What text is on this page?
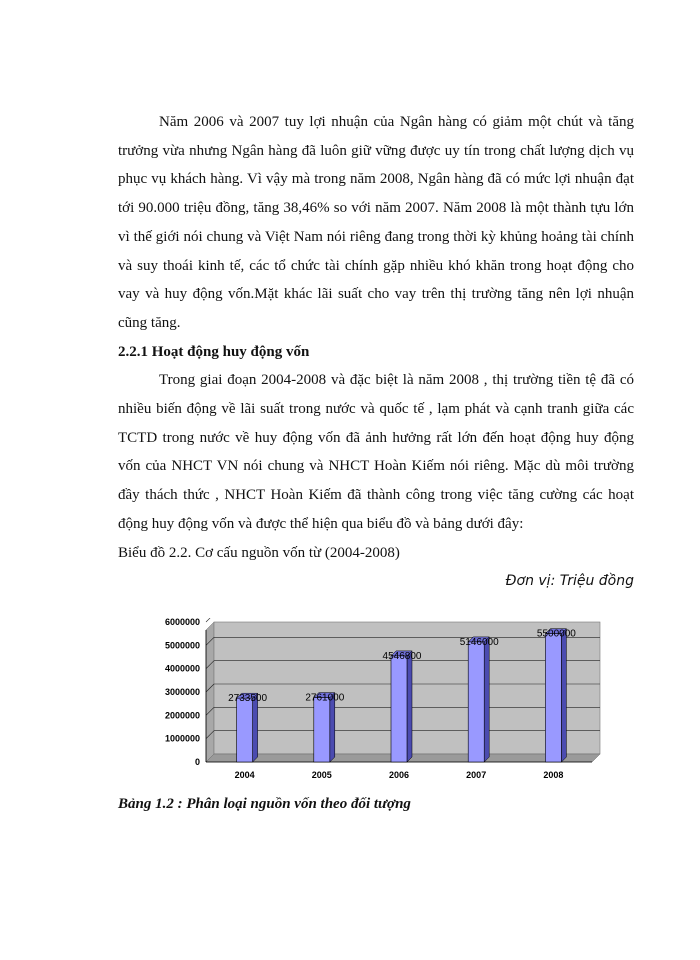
Năm 2006 và 2007 tuy lợi nhuận của Ngân hàng có giảm một chút và tăng trưởng vừa nhưng Ngân hàng đã luôn giữ vững được uy tín trong chất lượng dịch vụ phục vụ khách hàng. Vì vậy mà trong năm 2008, Ngân hàng đã có mức lợi nhuận đạt tới 90.000 triệu đồng, tăng 38,46% so với năm 2007. Năm 2008 là một thành tựu lớn vì thế giới nói chung và Việt Nam nói riêng đang trong thời kỳ khủng hoảng tài chính và suy thoái kinh tế, các tổ chức tài chính gặp nhiều khó khăn trong hoạt động cho vay và huy động vốn.Mặt khác lãi suất cho vay trên thị trường tăng nên lợi nhuận cũng tăng.

2.2.1 Hoạt động huy động vốn

Trong giai đoạn 2004-2008 và đặc biệt là năm 2008 , thị trường tiền tệ đã có nhiều biến động về lãi suất trong nước và quốc tế , lạm phát và cạnh tranh giữa các TCTD trong nước về huy động vốn đã ảnh hưởng rất lớn đến hoạt động huy động vốn của NHCT VN nói chung và NHCT Hoàn Kiếm nói riêng. Mặc dù môi trường đầy thách thức , NHCT Hoàn Kiếm đã thành công trong việc tăng cường các hoạt động huy động vốn và được thể hiện qua biểu đồ và bảng dưới đây:

Biểu đồ 2.2. Cơ cấu nguồn vốn từ (2004-2008)

Đơn vị: Triệu đồng

0
1000000
2000000
3000000
4000000
5000000
6000000
2733500
2004
2761000
2005
4546800
2006
5146000
2007
5500000
2008
Bảng 1.2 : Phân loại nguồn vốn theo đối tượng
